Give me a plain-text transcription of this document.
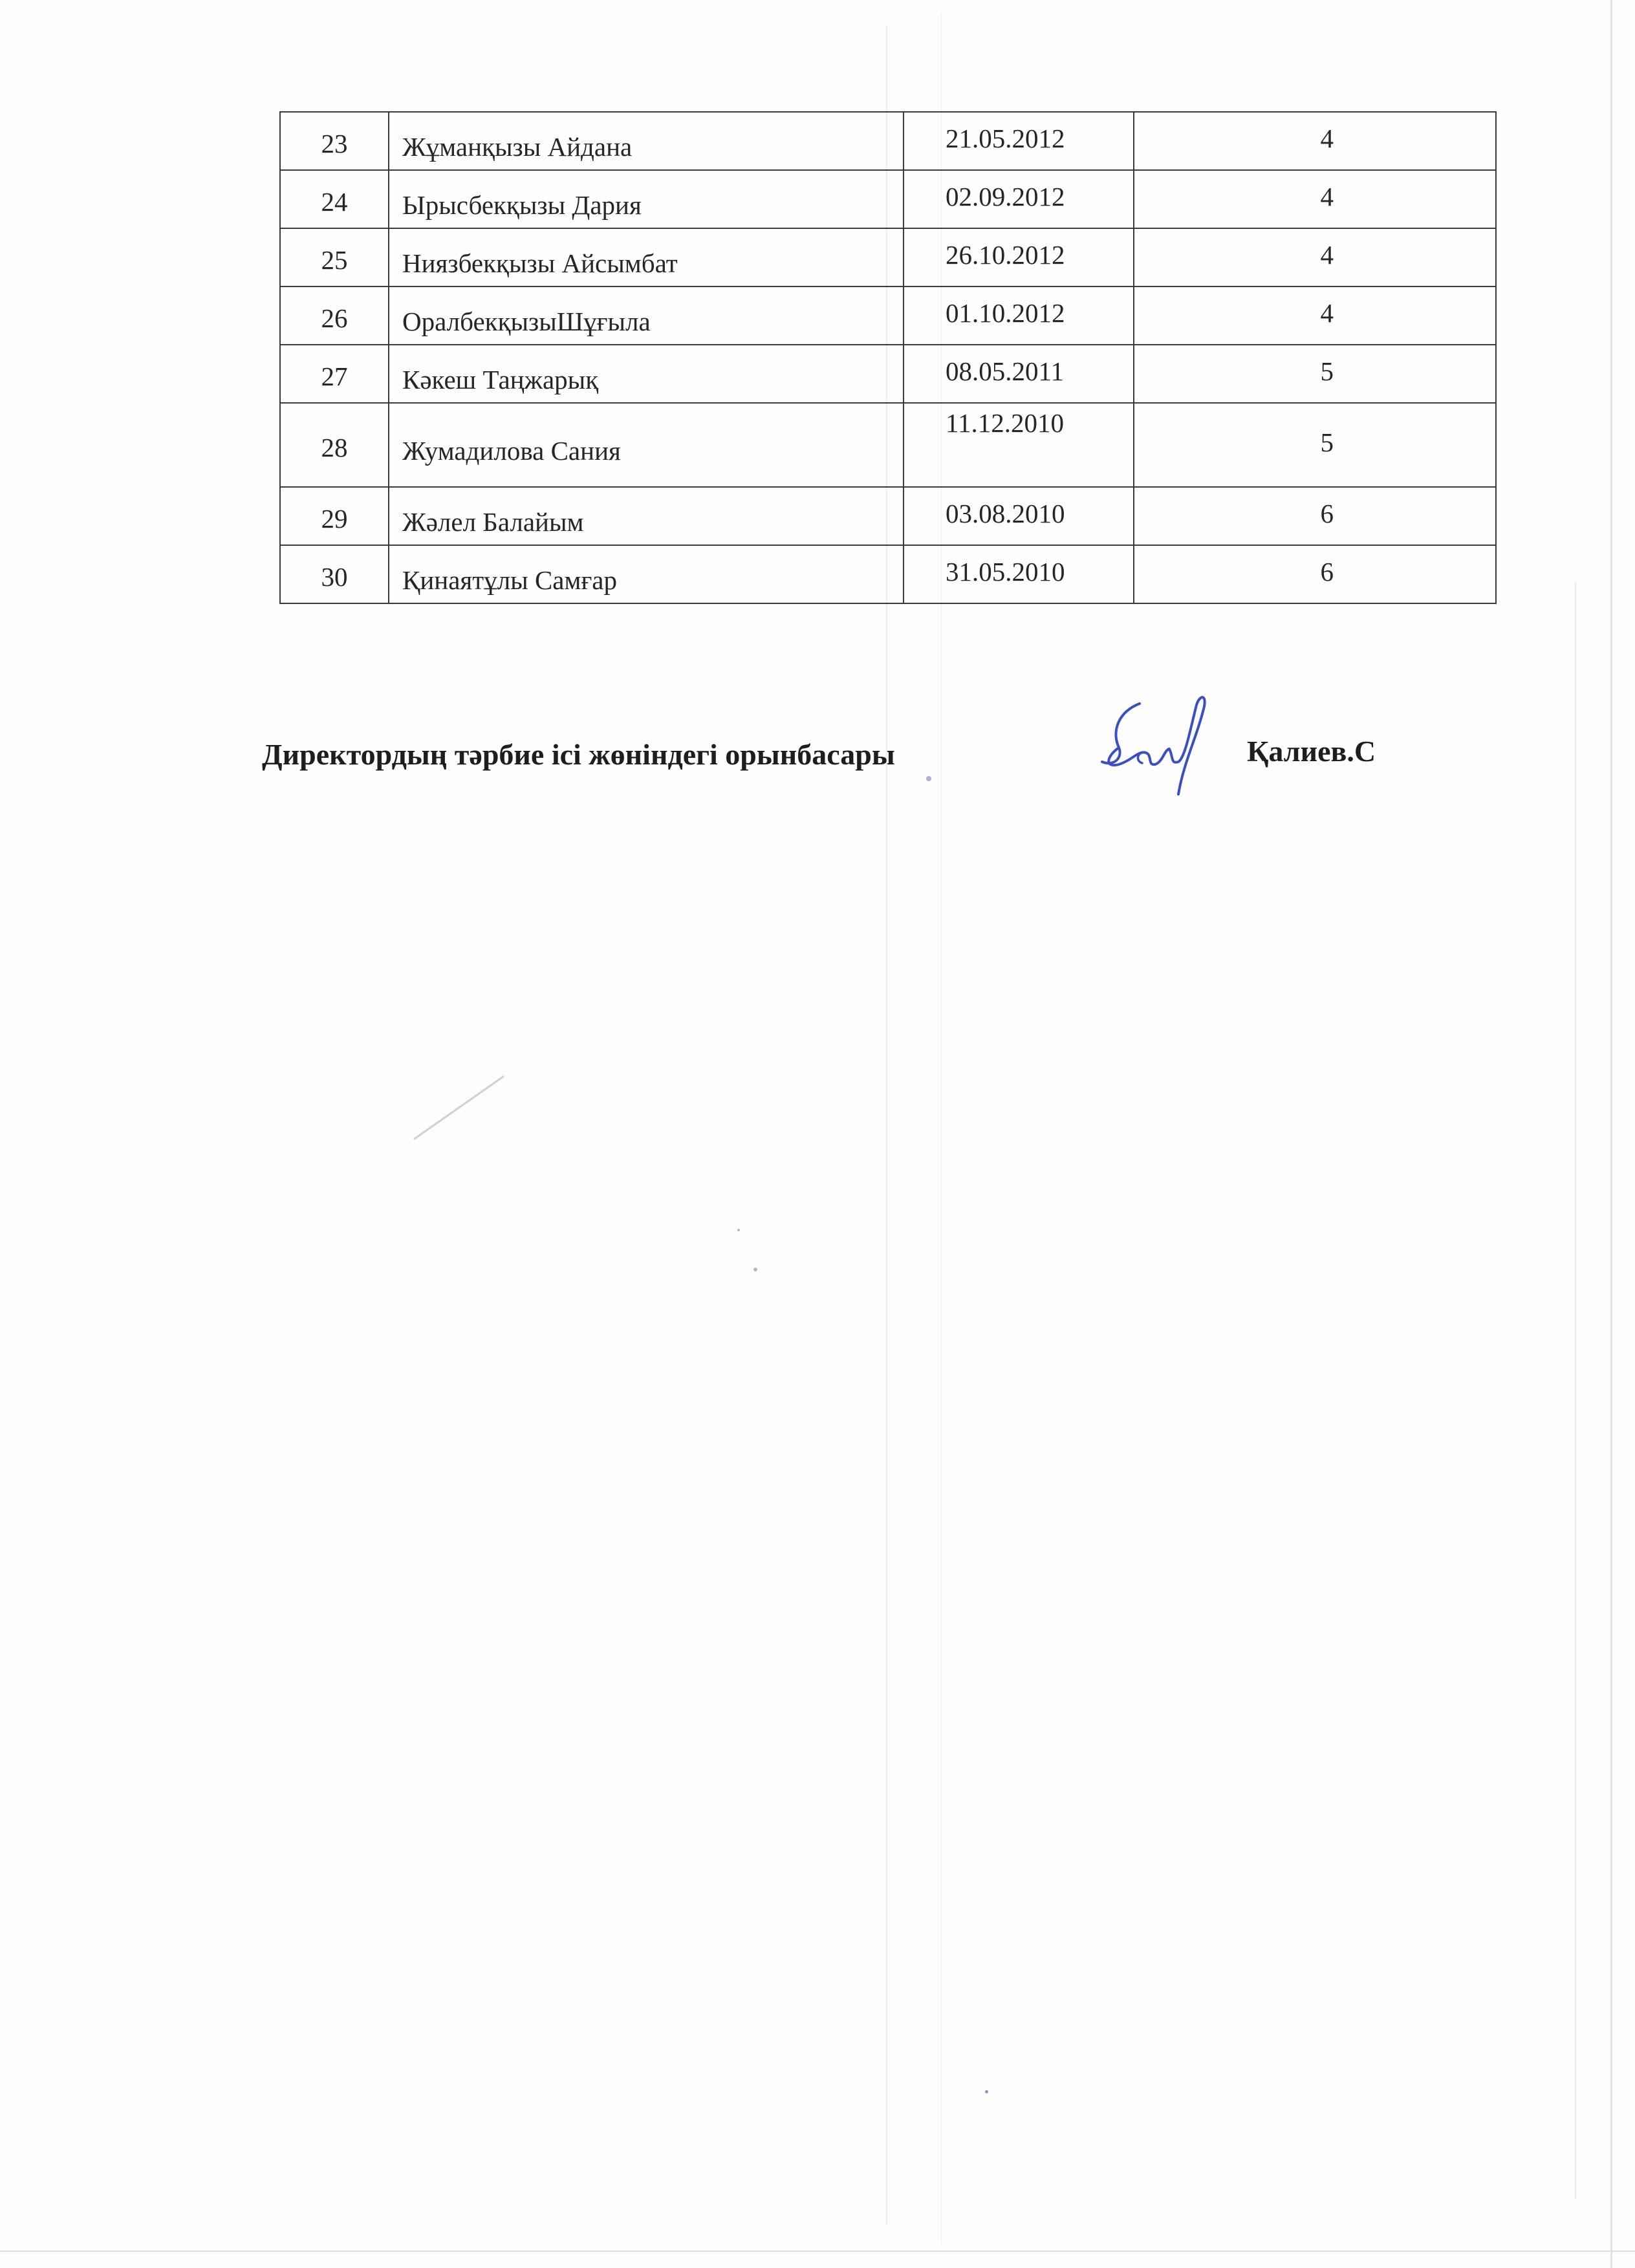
23	Жұманқызы Айдана	21.05.2012	4
24	Ырысбекқызы Дария	02.09.2012	4
25	Ниязбекқызы Айсымбат	26.10.2012	4
26	ОралбекқызыШұғыла	01.10.2012	4
27	Кәкеш Таңжарық	08.05.2011	5
28	Жумадилова Сания	11.12.2010	5
29	Жәлел Балайым	03.08.2010	6
30	Қинаятұлы Самғар	31.05.2010	6
Директордың тәрбие ісі жөніндегі орынбасары	Қалиев.С
